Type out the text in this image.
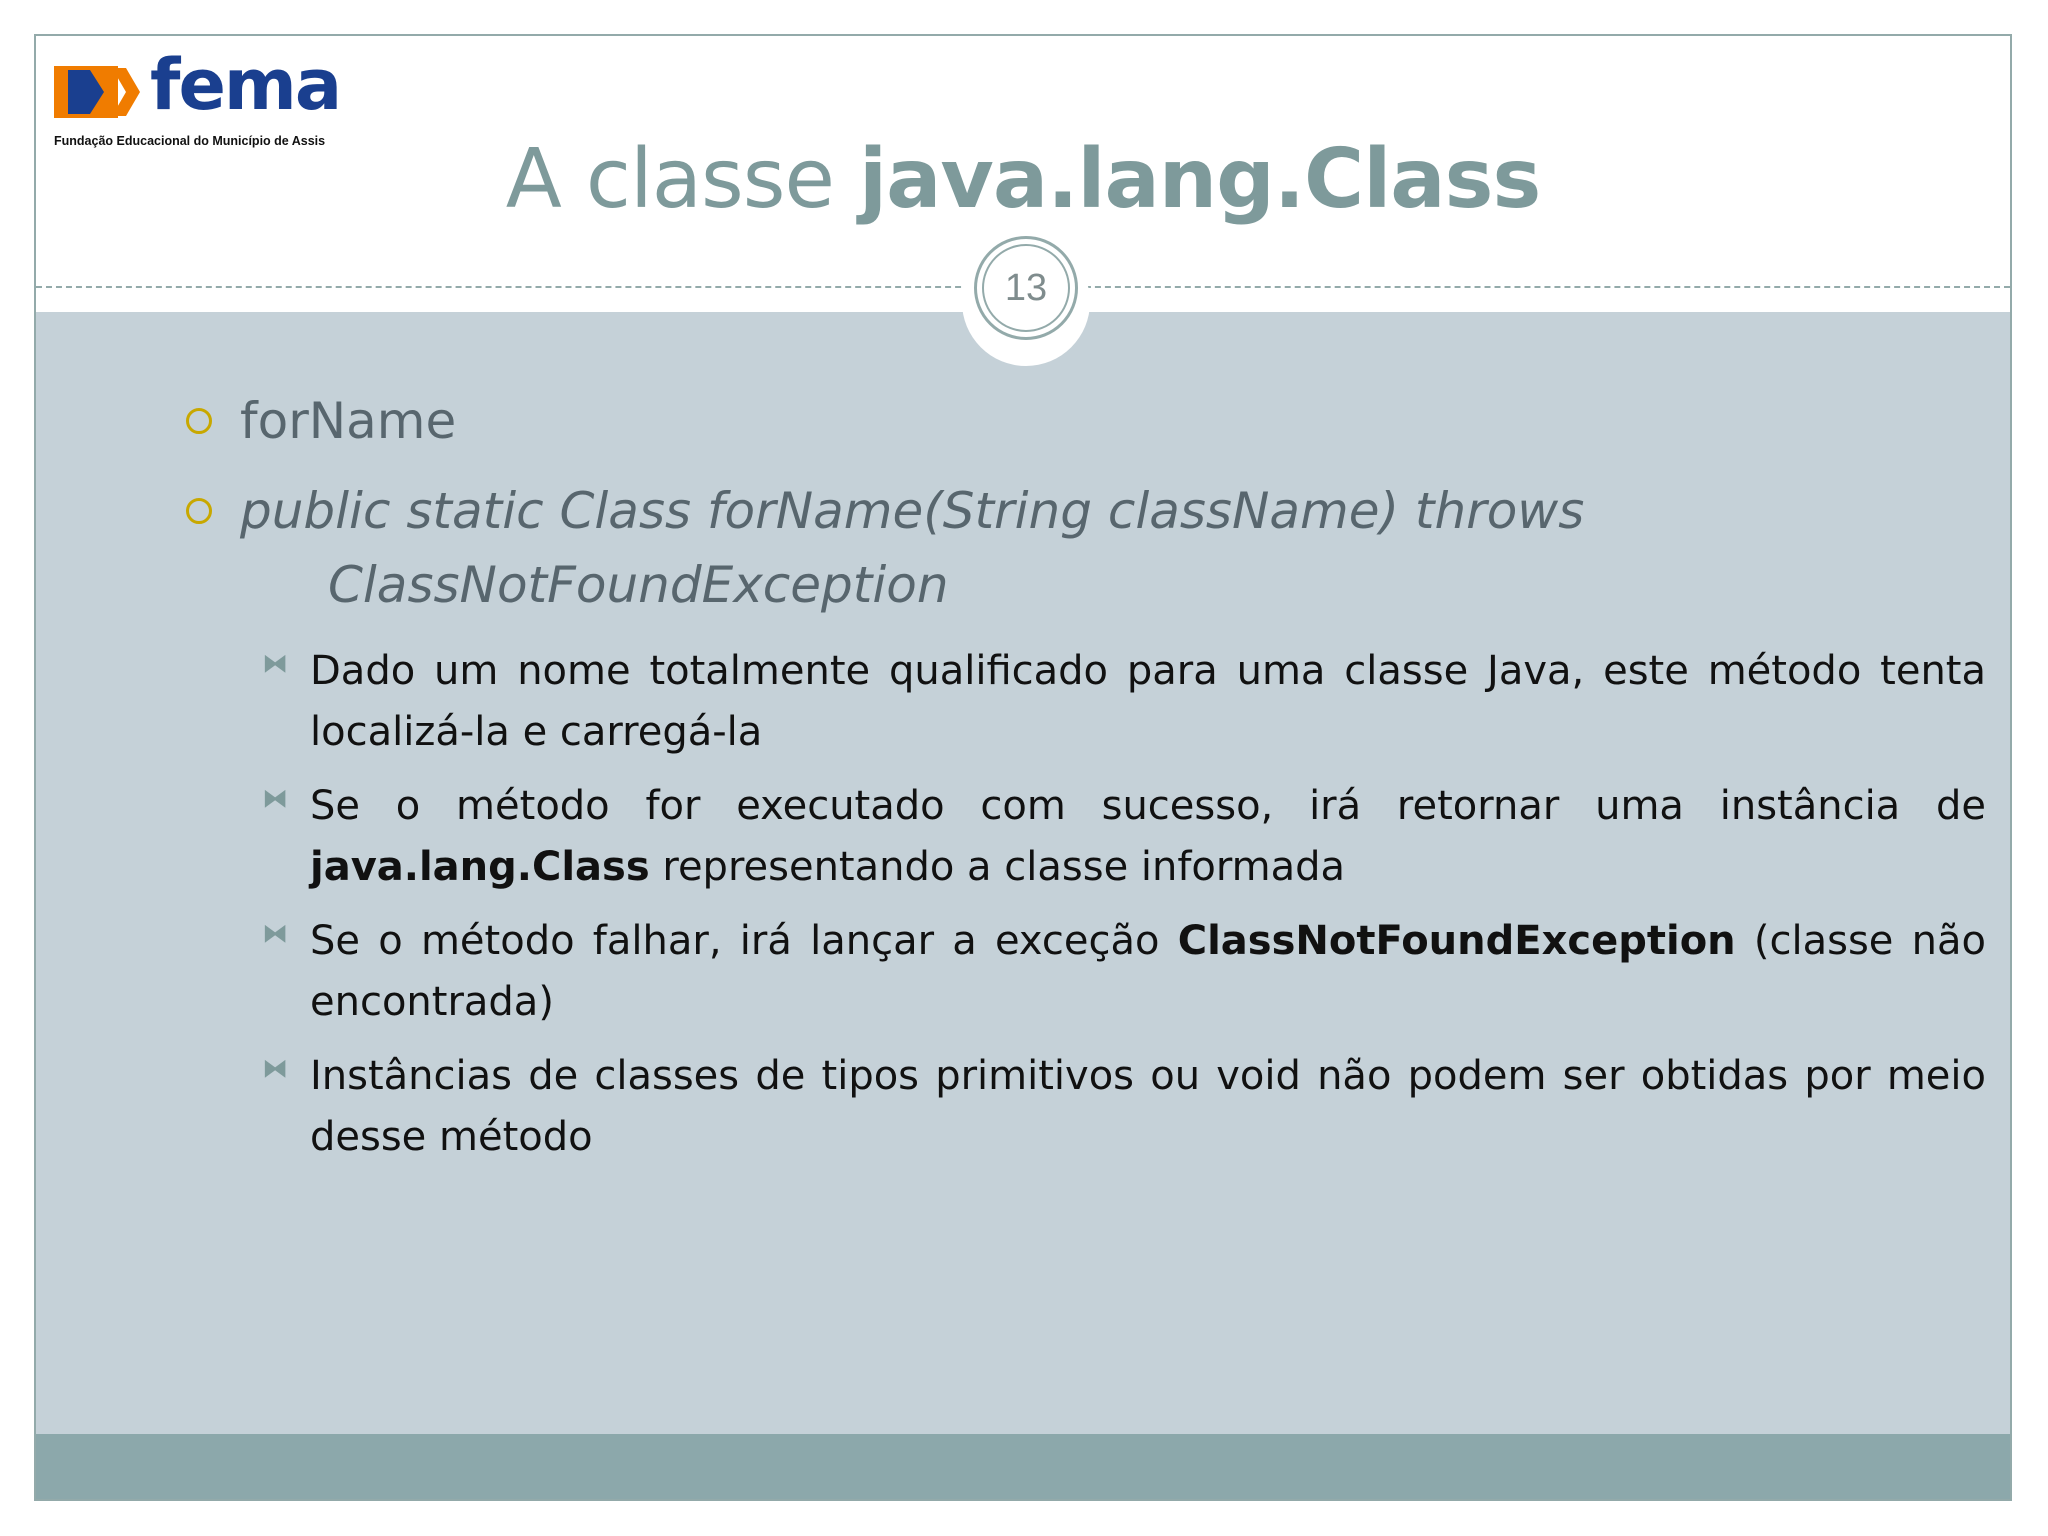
fema
Fundação Educacional do Município de Assis	A classe java.lang.Class
13
forName
public static Class forName(String className) throws
ClassNotFoundException
⧓ Dado um nome totalmente qualificado para uma classe Java, este método tenta localizá-la e carregá-la
⧓ Se o método for executado com sucesso, irá retornar uma instância de java.lang.Class representando a classe informada
⧓ Se o método falhar, irá lançar a exceção ClassNotFoundException (classe não encontrada)
⧓ Instâncias de classes de tipos primitivos ou void não podem ser obtidas por meio desse método
